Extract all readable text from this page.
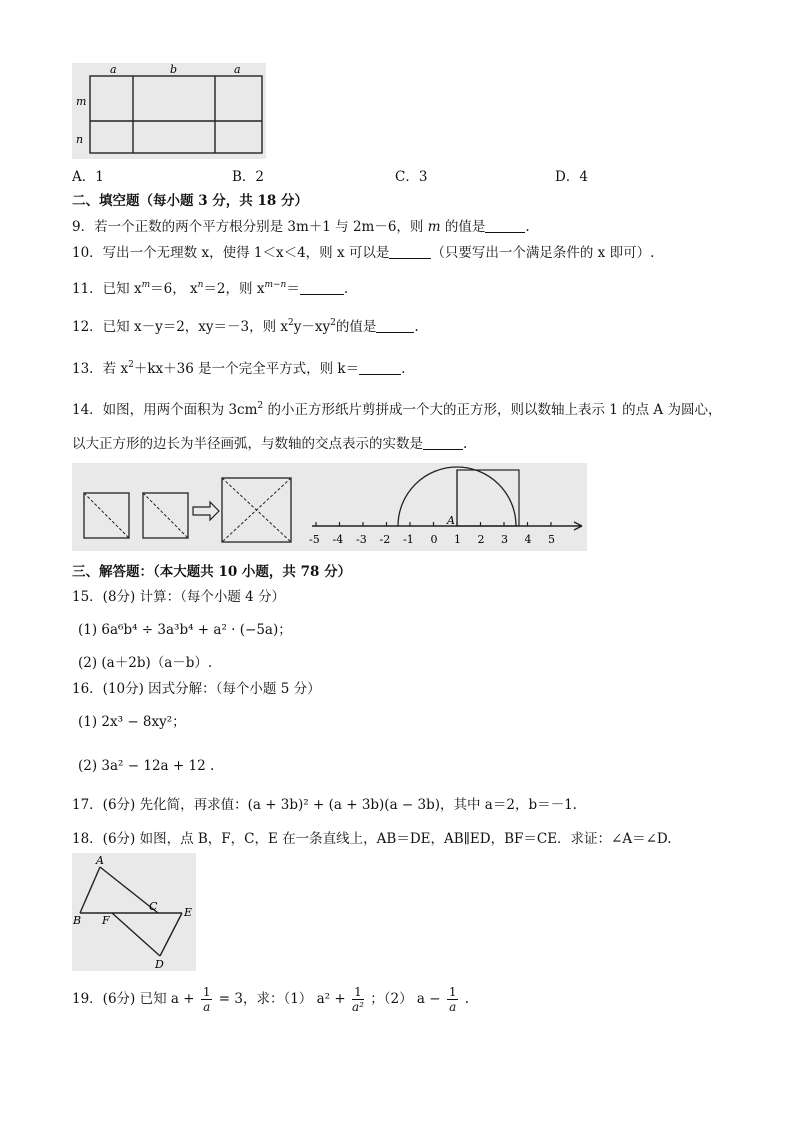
a	b	a
m
n
A．1	B．2	C．3	D．4
二、填空题（每小题 3 分，共 18 分）
9．若一个正数的两个平方根分别是 3m＋1 与 2m－6，则 m 的值是	.
10．写出一个无理数 x，使得 1＜x＜4，则 x 可以是	（只要写出一个满足条件的 x 即可）.
11．已知 $x^m=6$， $x^n=2$，则 $x^{m-n}=$	.
12．已知 x－y＝2，xy＝－3，则 $x^2y-xy^2$的值是	.
13．若 $x^2+kx+36$ 是一个完全平方式，则 k＝	.
14．如图，用两个面积为 $3cm^2$ 的小正方形纸片剪拼成一个大的正方形，则以数轴上表示 1 的点 A 为圆心，
以大正方形的边长为半径画弧，与数轴的交点表示的实数是	.
-5 -4 -3 -2 -1 0 1 2 3 4 5
A
三、解答题：（本大题共 10 小题，共 78 分）
15．(8分) 计算：（每个小题 4 分）
(1) 6a⁶b⁴ ÷ 3a³b⁴ + a² · (−5a)；
(2) (a＋2b)（a－b）.
16．(10分) 因式分解：（每个小题 5 分）
(1) 2x³ − 8xy²；
(2) 3a² − 12a + 12 .
17．(6分) 先化简，再求值：(a + 3b)² + (a + 3b)(a − 3b)，其中 a＝2，b＝－1.
18．(6分) 如图，点 B，F，C，E 在一条直线上，AB＝DE，AB∥ED，BF＝CE．求证：∠A＝∠D.
A
B F
C E
D
19．(6分) 已知 $a + \frac{1}{a} = 3$，求：（1） $a^2 + \frac{1}{\text{a²}}$ ；（2） $a - \frac{1}{a}$ .
